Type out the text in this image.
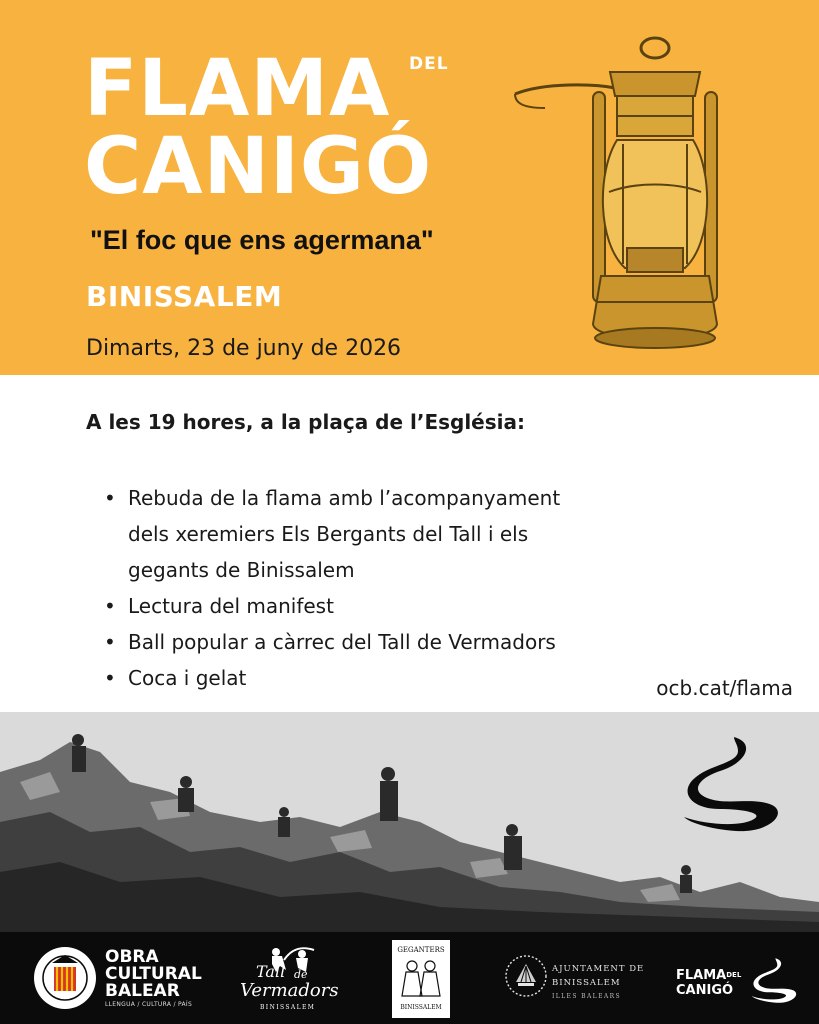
FLAMA DEL
CANIGÓ
"El foc que ens agermana"
BINISSALEM
Dimarts, 23 de juny de 2026
A les 19 hores, a la plaça de l’Església:
• Rebuda de la flama amb l’acompanyament
dels xeremiers Els Bergants del Tall i els
gegants de Binissalem
• Lectura del manifest
• Ball popular a càrrec del Tall de Vermadors
• Coca i gelat	ocb.cat/flama
OBRA
CULTURAL
BALEAR
LLENGUA / CULTURA / PAÍS
Tall de
Vermadors
BINISSALEM
GEGANTERS
BINISSALEM
AJUNTAMENT DE
BINISSALEM
ILLES BALEARS
$FLAMA^{DEL}$
CANIGÓ
